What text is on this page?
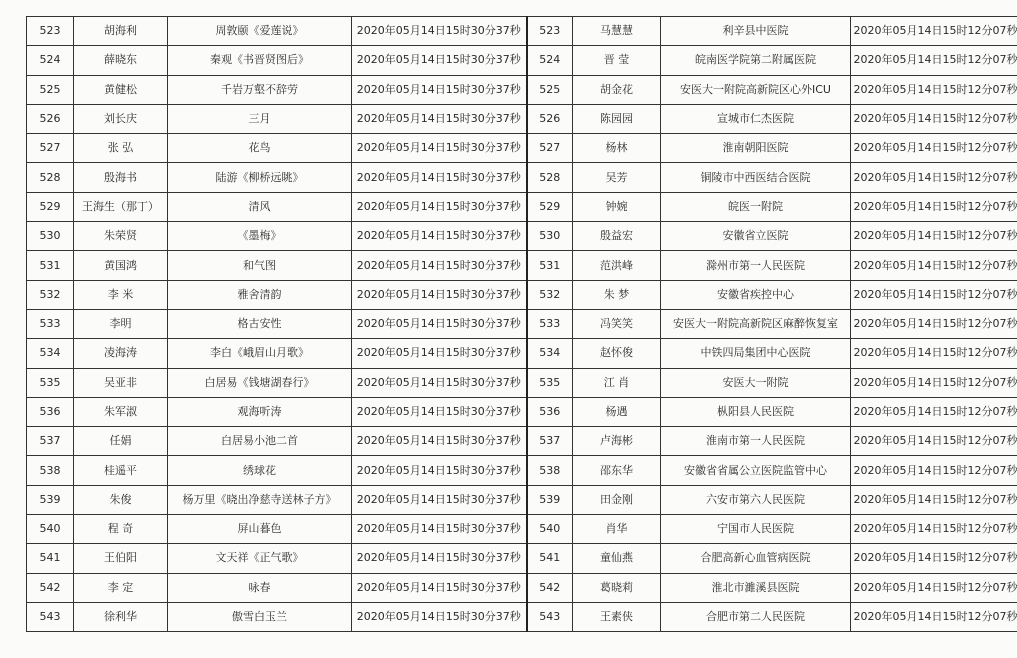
523	胡海利	周敦颐《爱莲说》	2020年05月14日15时30分37秒	523	马慧慧	利辛县中医院	2020年05月14日15时12分07秒
524	薛晓东	秦观《书晋贤图后》	2020年05月14日15时30分37秒	524	晋 莹	皖南医学院第二附属医院	2020年05月14日15时12分07秒
525	黄健松	千岩万壑不辞劳	2020年05月14日15时30分37秒	525	胡金花	安医大一附院高新院区心外ICU	2020年05月14日15时12分07秒
526	刘长庆	三月	2020年05月14日15时30分37秒	526	陈园园	宣城市仁杰医院	2020年05月14日15时12分07秒
527	张 弘	花鸟	2020年05月14日15时30分37秒	527	杨林	淮南朝阳医院	2020年05月14日15时12分07秒
528	殷海书	陆游《柳桥远眺》	2020年05月14日15时30分37秒	528	吴芳	铜陵市中西医结合医院	2020年05月14日15时12分07秒
529	王海生（那丁）	清风	2020年05月14日15时30分37秒	529	钟婉	皖医一附院	2020年05月14日15时12分07秒
530	朱荣贤	《墨梅》	2020年05月14日15时30分37秒	530	殷益宏	安徽省立医院	2020年05月14日15时12分07秒
531	黄国鸿	和气图	2020年05月14日15时30分37秒	531	范洪峰	滁州市第一人民医院	2020年05月14日15时12分07秒
532	李 米	雅舍清韵	2020年05月14日15时30分37秒	532	朱 梦	安徽省疾控中心	2020年05月14日15时12分07秒
533	李明	格古安性	2020年05月14日15时30分37秒	533	冯笑笑	安医大一附院高新院区麻醉恢复室	2020年05月14日15时12分07秒
534	凌海涛	李白《峨眉山月歌》	2020年05月14日15时30分37秒	534	赵怀俊	中铁四局集团中心医院	2020年05月14日15时12分07秒
535	吴亚非	白居易《钱塘湖春行》	2020年05月14日15时30分37秒	535	江 肖	安医大一附院	2020年05月14日15时12分07秒
536	朱军淑	观海听涛	2020年05月14日15时30分37秒	536	杨遇	枞阳县人民医院	2020年05月14日15时12分07秒
537	任娟	白居易小池二首	2020年05月14日15时30分37秒	537	卢海彬	淮南市第一人民医院	2020年05月14日15时12分07秒
538	桂遥平	绣球花	2020年05月14日15时30分37秒	538	邵东华	安徽省省属公立医院监管中心	2020年05月14日15时12分07秒
539	朱俊	杨万里《晓出净慈寺送林子方》	2020年05月14日15时30分37秒	539	田金刚	六安市第六人民医院	2020年05月14日15时12分07秒
540	程 奇	屏山暮色	2020年05月14日15时30分37秒	540	肖华	宁国市人民医院	2020年05月14日15时12分07秒
541	王伯阳	文天祥《正气歌》	2020年05月14日15时30分37秒	541	童仙燕	合肥高新心血管病医院	2020年05月14日15时12分07秒
542	李 定	咏春	2020年05月14日15时30分37秒	542	葛晓莉	淮北市濉溪县医院	2020年05月14日15时12分07秒
543	徐利华	傲雪白玉兰	2020年05月14日15时30分37秒	543	王素侠	合肥市第二人民医院	2020年05月14日15时12分07秒
